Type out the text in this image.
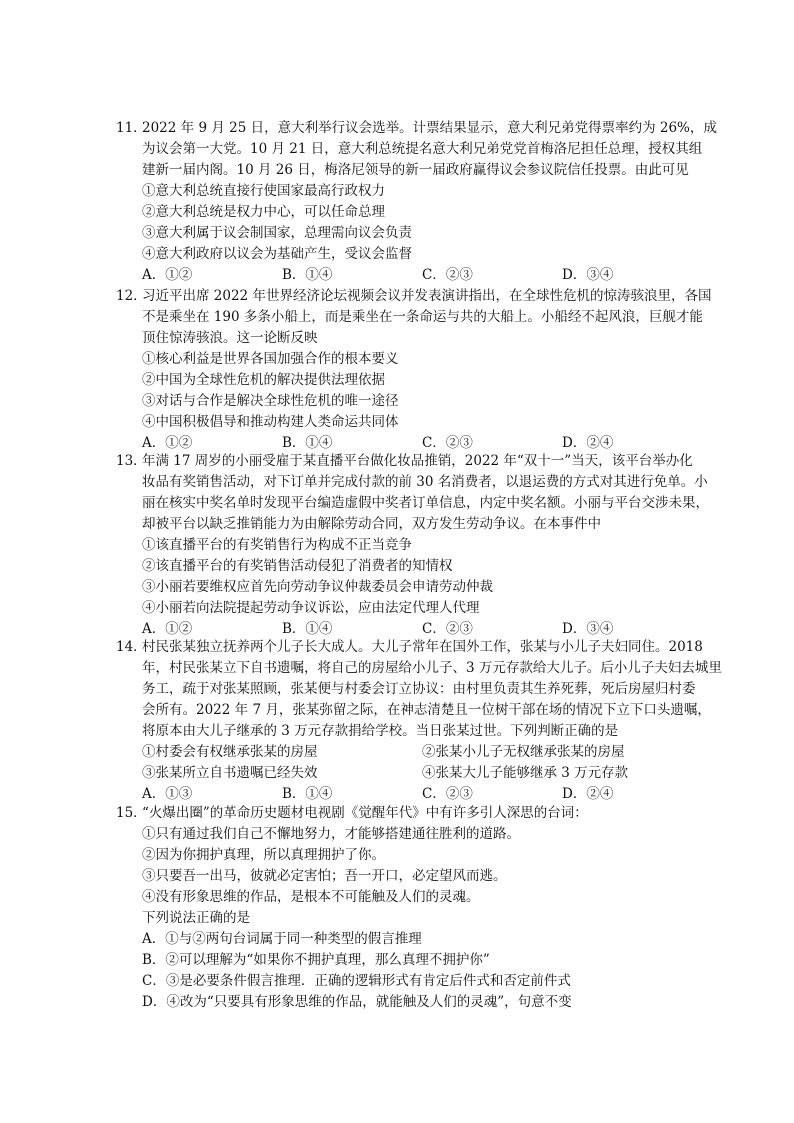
11．
2022 年 9 月 25 日，意大利举行议会选举。计票结果显示，意大利兄弟党得票率约为 26%，成
为议会第一大党。10 月 21 日，意大利总统提名意大利兄弟党党首梅洛尼担任总理，授权其组
建新一届内阁。10 月 26 日，梅洛尼领导的新一届政府赢得议会参议院信任投票。由此可见
①意大利总统直接行使国家最高行政权力
②意大利总统是权力中心，可以任命总理
③意大利属于议会制国家，总理需向议会负责
④意大利政府以议会为基础产生，受议会监督
A．①②	B．①④	C．②③	D．③④
12．
习近平出席 2022 年世界经济论坛视频会议并发表演讲指出，在全球性危机的惊涛骇浪里，各国
不是乘坐在 190 多条小船上，而是乘坐在一条命运与共的大船上。小船经不起风浪，巨舰才能
顶住惊涛骇浪。这一论断反映
①核心利益是世界各国加强合作的根本要义
②中国为全球性危机的解决提供法理依据
③对话与合作是解决全球性危机的唯一途径
④中国积极倡导和推动构建人类命运共同体
A．①②	B．①④	C．②③	D．②④
13．
年满 17 周岁的小丽受雇于某直播平台做化妆品推销，2022 年“双十一”当天，该平台举办化
妆品有奖销售活动，对下订单并完成付款的前 30 名消费者，以退运费的方式对其进行免单。小
丽在核实中奖名单时发现平台编造虚假中奖者订单信息，内定中奖名额。小丽与平台交涉未果，
却被平台以缺乏推销能力为由解除劳动合同，双方发生劳动争议。在本事件中
①该直播平台的有奖销售行为构成不正当竞争
②该直播平台的有奖销售活动侵犯了消费者的知情权
③小丽若要维权应首先向劳动争议仲裁委员会申请劳动仲裁
④小丽若向法院提起劳动争议诉讼，应由法定代理人代理
A．①②	B．①④	C．②③	D．③④
14．
村民张某独立抚养两个儿子长大成人。大儿子常年在国外工作，张某与小儿子夫妇同住。2018
年，村民张某立下自书遗嘱，将自己的房屋给小儿子、3 万元存款给大儿子。后小儿子夫妇去城里
务工，疏于对张某照顾，张某便与村委会订立协议：由村里负责其生养死葬，死后房屋归村委
会所有。2022 年 7 月，张某弥留之际，在神志清楚且一位树干部在场的情况下立下口头遗嘱，
将原本由大儿子继承的 3 万元存款捐给学校。当日张某过世。下列判断正确的是
①村委会有权继承张某的房屋	②张某小儿子无权继承张某的房屋
③张某所立自书遗嘱已经失效	④张某大儿子能够继承 3 万元存款
A．①③	B．①④	C．②③	D．②④
15．
“火爆出圈”的革命历史题材电视剧《觉醒年代》中有许多引人深思的台词：
①只有通过我们自己不懈地努力，才能够搭建通往胜利的道路。
②因为你拥护真理，所以真理拥护了你。
③只要吾一出马，彼就必定害怕；吾一开口，必定望风而逃。
④没有形象思维的作品，是根本不可能触及人们的灵魂。
下列说法正确的是
A．①与②两句台词属于同一种类型的假言推理
B．②可以理解为“如果你不拥护真理，那么真理不拥护你”
C．③是必要条件假言推理．正确的逻辑形式有肯定后件式和否定前件式
D．④改为“只要具有形象思维的作品，就能触及人们的灵魂”，句意不变
